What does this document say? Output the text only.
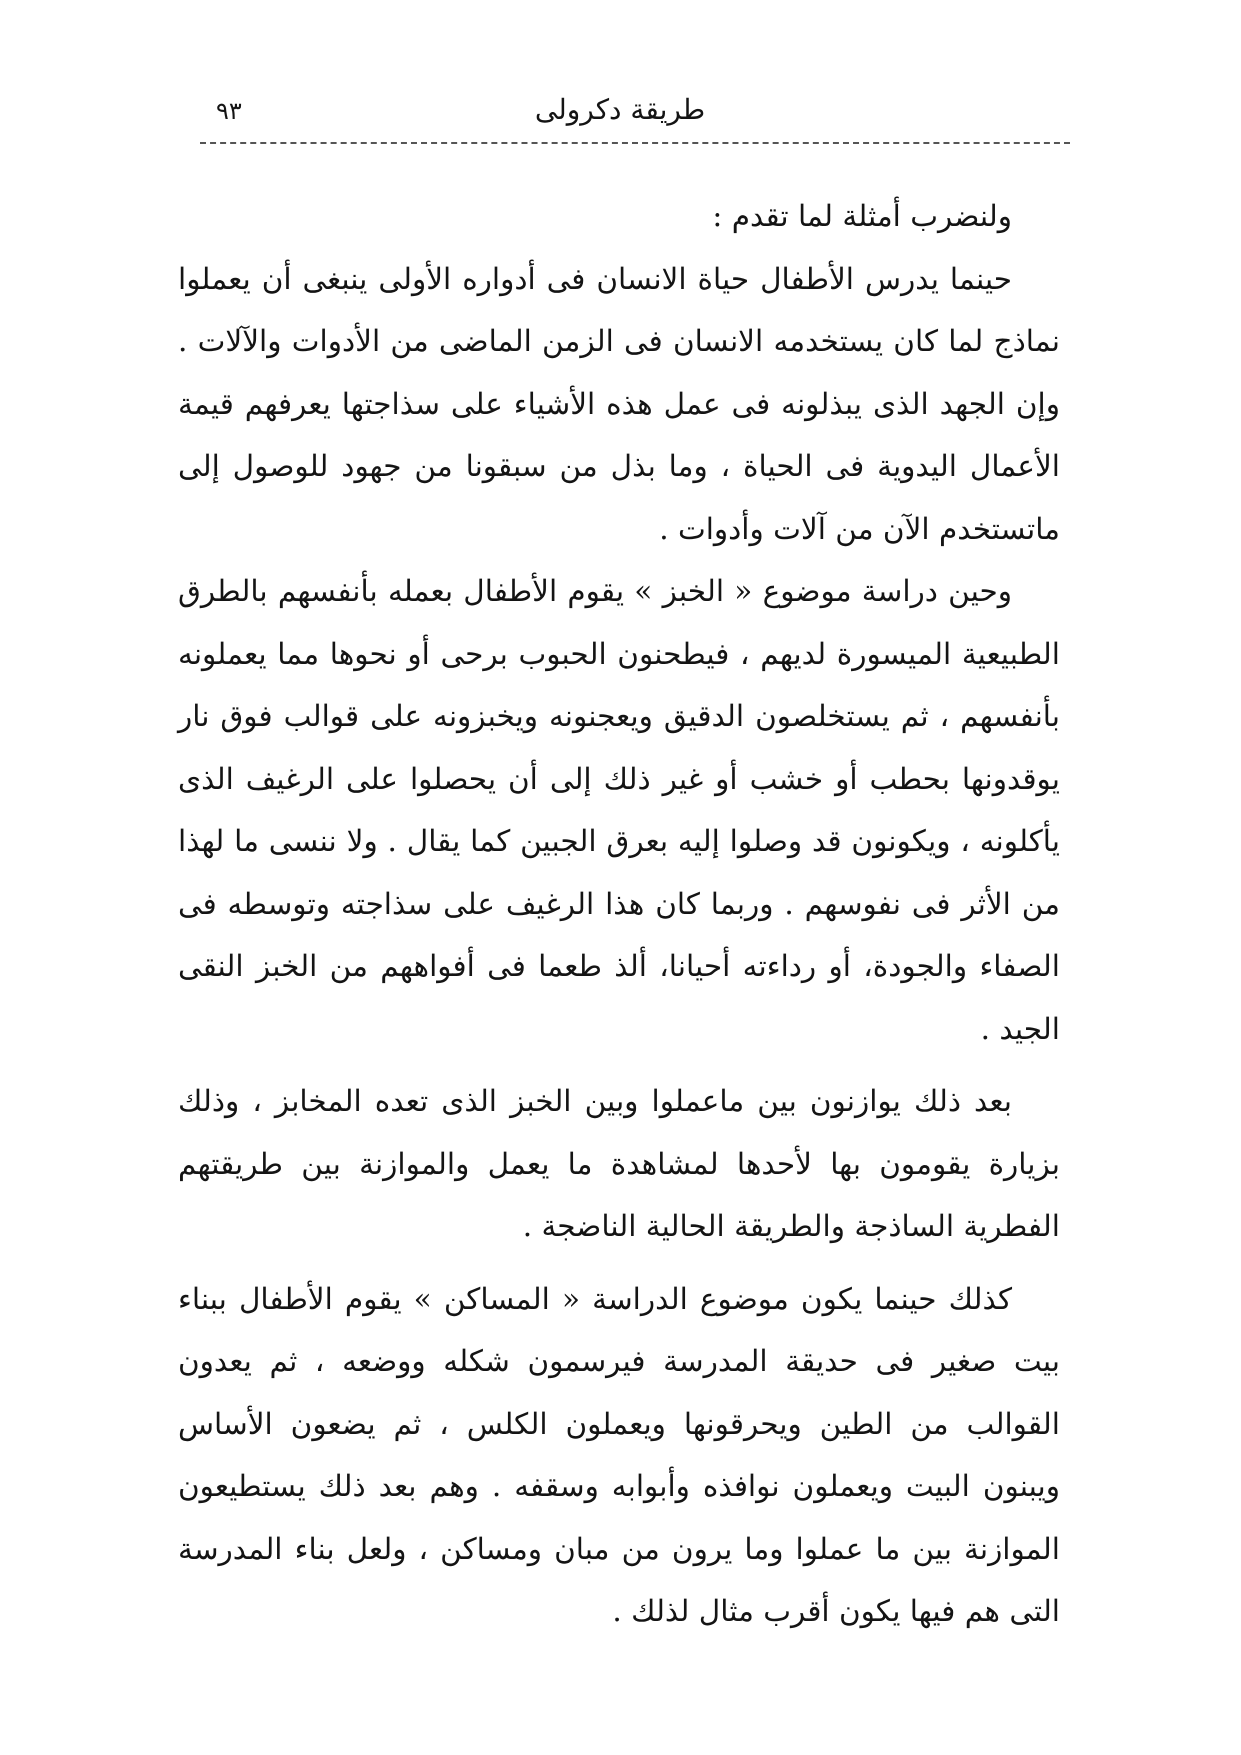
طريقة دكرولى
٩٣

ولنضرب أمثلة لما تقدم :

حينما يدرس الأطفال حياة الانسان فى أدواره الأولى ينبغى أن يعملوا نماذج لما كان يستخدمه الانسان فى الزمن الماضى من الأدوات والآلات . وإن الجهد الذى يبذلونه فى عمل هذه الأشياء على سذاجتها يعرفهم قيمة الأعمال اليدوية فى الحياة ، وما بذل من سبقونا من جهود للوصول إلى ماتستخدم الآن من آلات وأدوات .

وحين دراسة موضوع « الخبز » يقوم الأطفال بعمله بأنفسهم بالطرق الطبيعية الميسورة لديهم ، فيطحنون الحبوب برحى أو نحوها مما يعملونه بأنفسهم ، ثم يستخلصون الدقيق ويعجنونه ويخبزونه على قوالب فوق نار يوقدونها بحطب أو خشب أو غير ذلك إلى أن يحصلوا على الرغيف الذى يأكلونه ، ويكونون قد وصلوا إليه بعرق الجبين كما يقال . ولا ننسى ما لهذا من الأثر فى نفوسهم . وربما كان هذا الرغيف على سذاجته وتوسطه فى الصفاء والجودة، أو رداءته أحيانا، ألذ طعما فى أفواههم من الخبز النقى الجيد .

بعد ذلك يوازنون بين ماعملوا وبين الخبز الذى تعده المخابز ، وذلك بزيارة يقومون بها لأحدها لمشاهدة ما يعمل والموازنة بين طريقتهم الفطرية الساذجة والطريقة الحالية الناضجة .

كذلك حينما يكون موضوع الدراسة « المساكن » يقوم الأطفال ببناء بيت صغير فى حديقة المدرسة فيرسمون شكله ووضعه ، ثم يعدون القوالب من الطين ويحرقونها ويعملون الكلس ، ثم يضعون الأساس ويبنون البيت ويعملون نوافذه وأبوابه وسقفه . وهم بعد ذلك يستطيعون الموازنة بين ما عملوا وما يرون من مبان ومساكن ، ولعل بناء المدرسة التى هم فيها يكون أقرب مثال لذلك .
